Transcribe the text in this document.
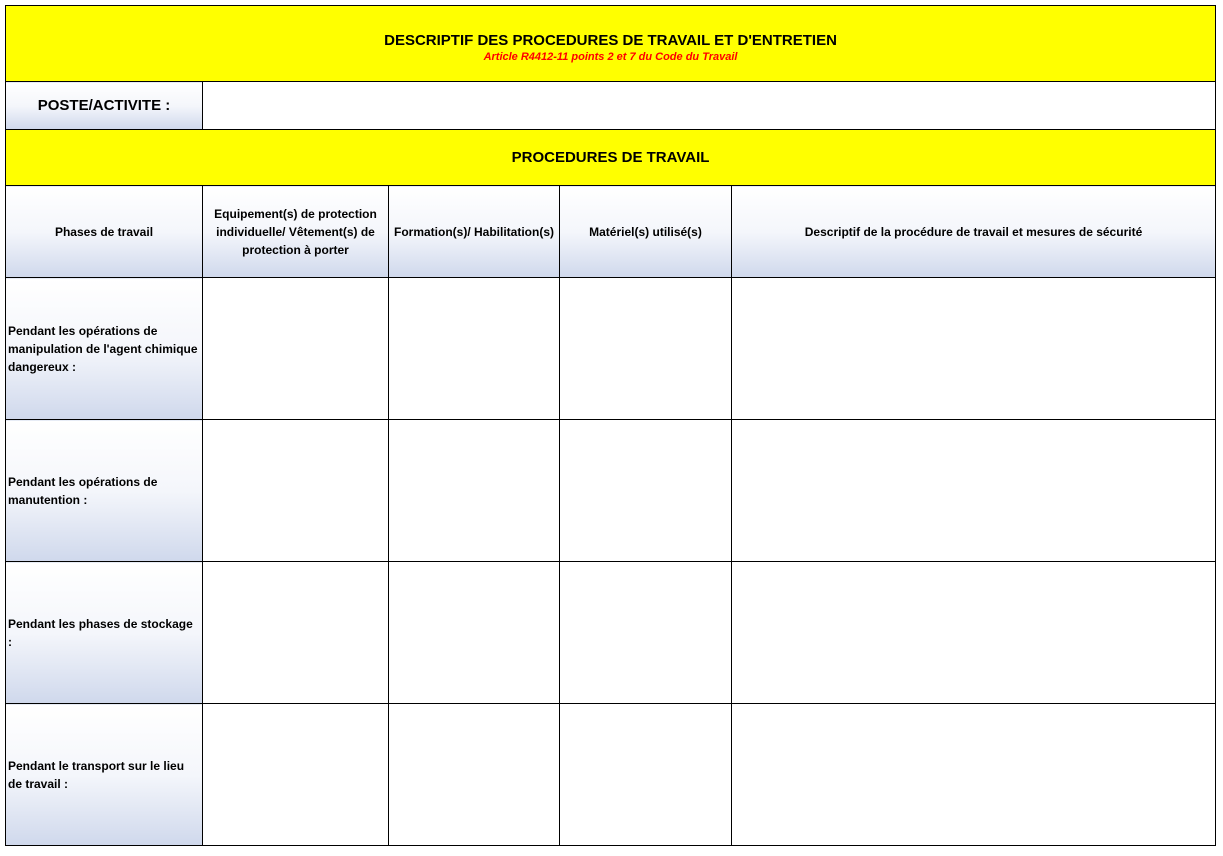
DESCRIPTIF DES PROCEDURES DE TRAVAIL ET D'ENTRETIEN
Article R4412-11 points 2 et 7 du Code du Travail				

POSTE/ACTIVITE :				
PROCEDURES DE TRAVAIL				
Phases de travail	Equipement(s) de protection individuelle/ Vêtement(s) de protection à porter	Formation(s)/ Habilitation(s)	Matériel(s) utilisé(s)	Descriptif de la procédure de travail et mesures de sécurité
Pendant les opérations de manipulation de l'agent chimique dangereux :				
Pendant les opérations de manutention :				
Pendant les phases de stockage :				
Pendant le transport sur le lieu de travail :				
